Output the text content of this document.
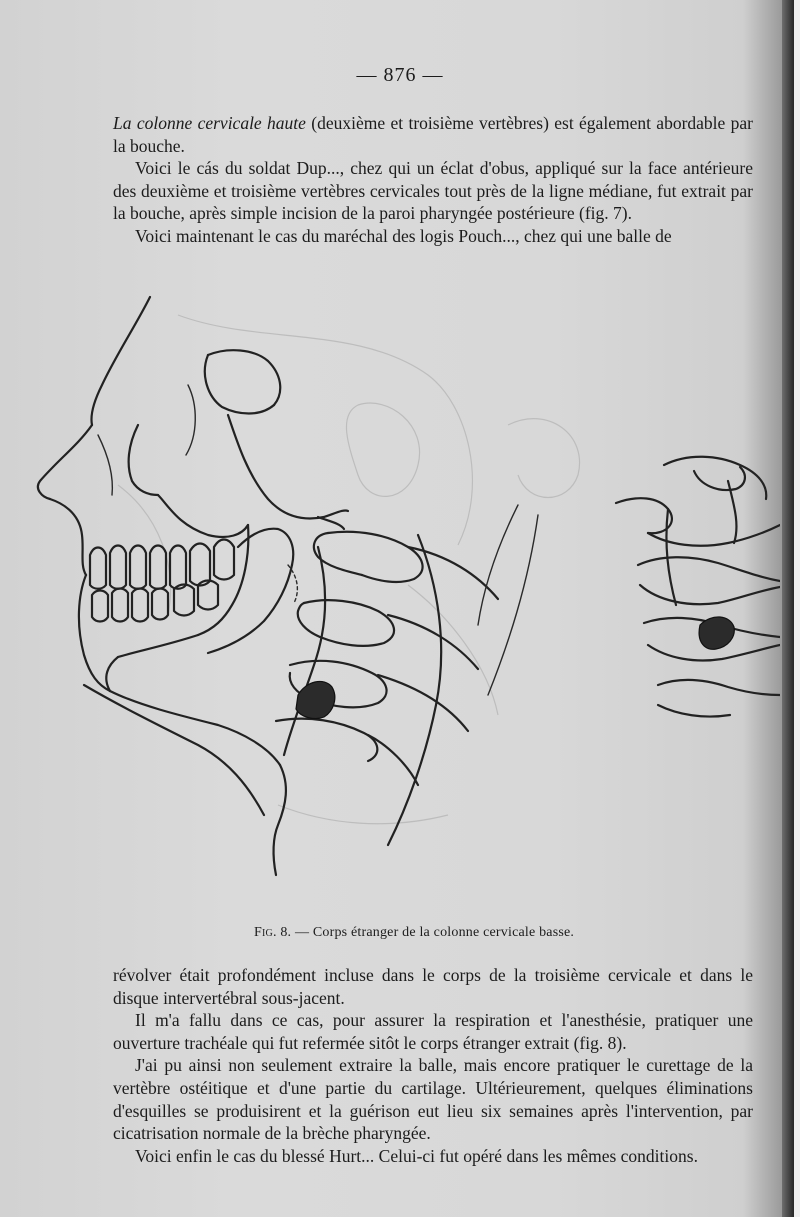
— 876 —

La colonne cervicale haute (deuxième et troisième vertèbres) est également abordable par la bouche.

Voici le cás du soldat Dup..., chez qui un éclat d'obus, appliqué sur la face antérieure des deuxième et troisième vertèbres cervicales tout près de la ligne médiane, fut extrait par la bouche, après simple incision de la paroi pharyngée postérieure (fig. 7).

Voici maintenant le cas du maréchal des logis Pouch..., chez qui une balle de

Fig. 8. — Corps étranger de la colonne cervicale basse.

révolver était profondément incluse dans le corps de la troisième cervicale et dans le disque intervertébral sous-jacent.

Il m'a fallu dans ce cas, pour assurer la respiration et l'anesthésie, pratiquer une ouverture trachéale qui fut refermée sitôt le corps étranger extrait (fig. 8).

J'ai pu ainsi non seulement extraire la balle, mais encore pratiquer le curettage de la vertèbre ostéitique et d'une partie du cartilage. Ultérieurement, quelques éliminations d'esquilles se produisirent et la guérison eut lieu six semaines après l'intervention, par cicatrisation normale de la brèche pharyngée.

Voici enfin le cas du blessé Hurt... Celui-ci fut opéré dans les mêmes conditions.
